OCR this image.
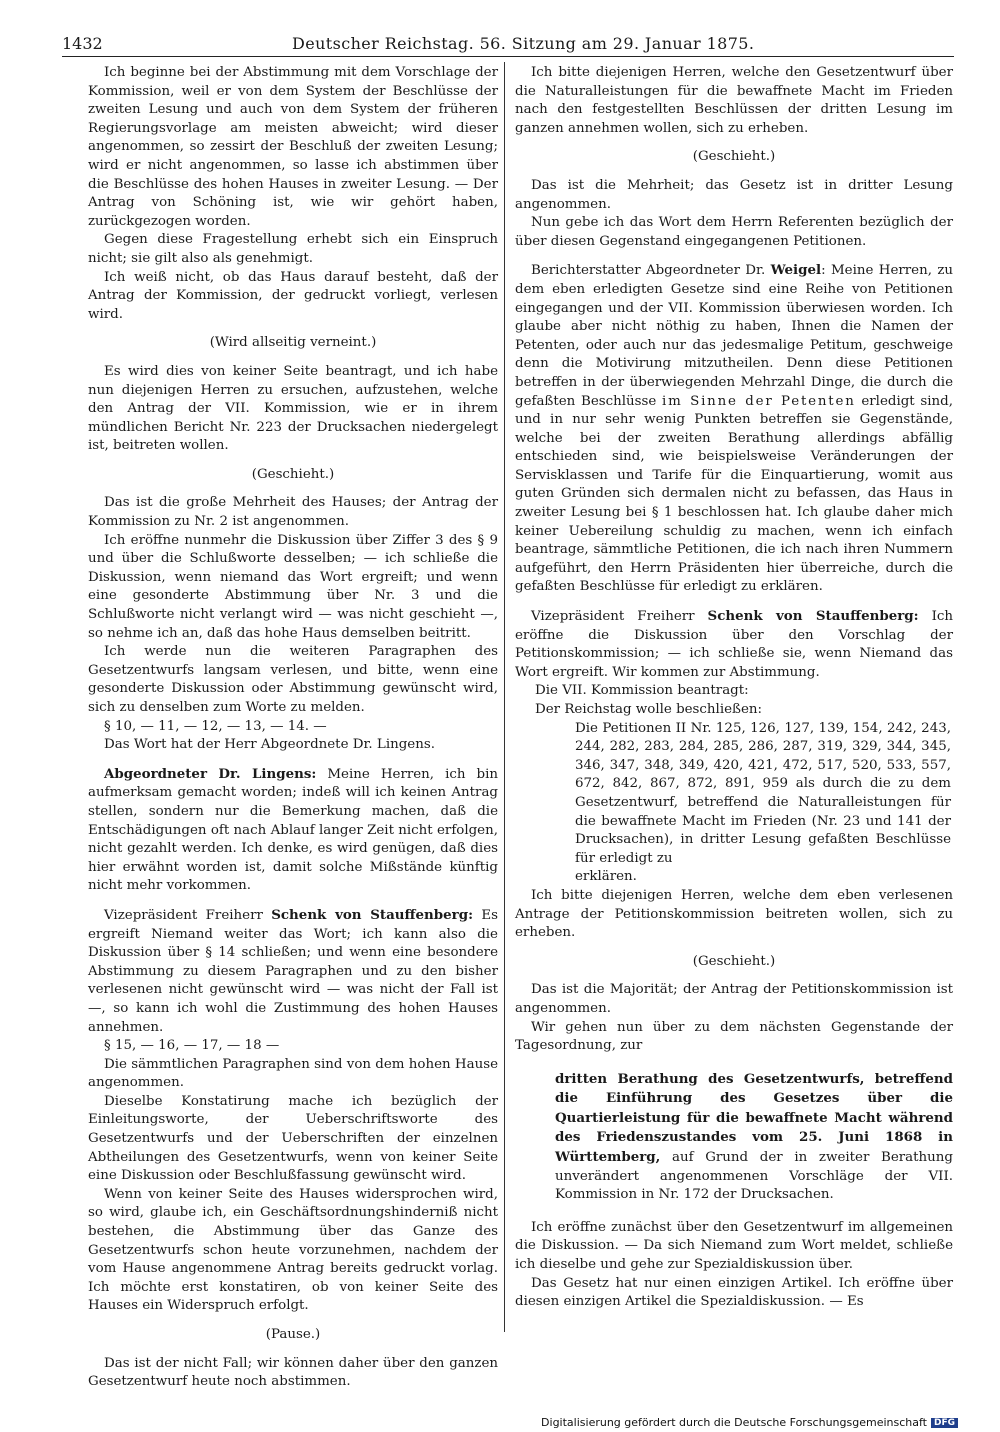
1432	Deutscher Reichstag. 56. Sitzung am 29. Januar 1875.

Ich beginne bei der Abstimmung mit dem Vorschlage der Kommission, weil er von dem System der Beschlüsse der zweiten Lesung und auch von dem System der früheren Regierungsvorlage am meisten abweicht; wird dieser angenommen, so zessirt der Beschluß der zweiten Lesung; wird er nicht angenommen, so lasse ich abstimmen über die Beschlüsse des hohen Hauses in zweiter Lesung. — Der Antrag von Schöning ist, wie wir gehört haben, zurückgezogen worden.

Gegen diese Fragestellung erhebt sich ein Einspruch nicht; sie gilt also als genehmigt.

Ich weiß nicht, ob das Haus darauf besteht, daß der Antrag der Kommission, der gedruckt vorliegt, verlesen wird.

(Wird allseitig verneint.)

Es wird dies von keiner Seite beantragt, und ich habe nun diejenigen Herren zu ersuchen, aufzustehen, welche den Antrag der VII. Kommission, wie er in ihrem mündlichen Bericht Nr. 223 der Drucksachen niedergelegt ist, beitreten wollen.

(Geschieht.)

Das ist die große Mehrheit des Hauses; der Antrag der Kommission zu Nr. 2 ist angenommen.

Ich eröffne nunmehr die Diskussion über Ziffer 3 des § 9 und über die Schlußworte desselben; — ich schließe die Diskussion, wenn niemand das Wort ergreift; und wenn eine gesonderte Abstimmung über Nr. 3 und die Schlußworte nicht verlangt wird — was nicht geschieht —, so nehme ich an, daß das hohe Haus demselben beitritt.

Ich werde nun die weiteren Paragraphen des Gesetzentwurfs langsam verlesen, und bitte, wenn eine gesonderte Diskussion oder Abstimmung gewünscht wird, sich zu denselben zum Worte zu melden.

§ 10, — 11, — 12, — 13, — 14. —

Das Wort hat der Herr Abgeordnete Dr. Lingens.

Abgeordneter Dr. Lingens: Meine Herren, ich bin aufmerksam gemacht worden; indeß will ich keinen Antrag stellen, sondern nur die Bemerkung machen, daß die Entschädigungen oft nach Ablauf langer Zeit nicht erfolgen, nicht gezahlt werden. Ich denke, es wird genügen, daß dies hier erwähnt worden ist, damit solche Mißstände künftig nicht mehr vorkommen.

Vizepräsident Freiherr Schenk von Stauffenberg: Es ergreift Niemand weiter das Wort; ich kann also die Diskussion über § 14 schließen; und wenn eine besondere Abstimmung zu diesem Paragraphen und zu den bisher verlesenen nicht gewünscht wird — was nicht der Fall ist —, so kann ich wohl die Zustimmung des hohen Hauses annehmen.

§ 15, — 16, — 17, — 18 —

Die sämmtlichen Paragraphen sind von dem hohen Hause angenommen.

Dieselbe Konstatirung mache ich bezüglich der Einleitungsworte, der Ueberschriftsworte des Gesetzentwurfs und der Ueberschriften der einzelnen Abtheilungen des Gesetzentwurfs, wenn von keiner Seite eine Diskussion oder Beschlußfassung gewünscht wird.

Wenn von keiner Seite des Hauses widersprochen wird, so wird, glaube ich, ein Geschäftsordnungshinderniß nicht bestehen, die Abstimmung über das Ganze des Gesetzentwurfs schon heute vorzunehmen, nachdem der vom Hause angenommene Antrag bereits gedruckt vorlag. Ich möchte erst konstatiren, ob von keiner Seite des Hauses ein Widerspruch erfolgt.

(Pause.)

Das ist der nicht Fall; wir können daher über den ganzen Gesetzentwurf heute noch abstimmen.

Ich bitte diejenigen Herren, welche den Gesetzentwurf über die Naturalleistungen für die bewaffnete Macht im Frieden nach den festgestellten Beschlüssen der dritten Lesung im ganzen annehmen wollen, sich zu erheben.

(Geschieht.)

Das ist die Mehrheit; das Gesetz ist in dritter Lesung angenommen.

Nun gebe ich das Wort dem Herrn Referenten bezüglich der über diesen Gegenstand eingegangenen Petitionen.

Berichterstatter Abgeordneter Dr. Weigel: Meine Herren, zu dem eben erledigten Gesetze sind eine Reihe von Petitionen eingegangen und der VII. Kommission überwiesen worden. Ich glaube aber nicht nöthig zu haben, Ihnen die Namen der Petenten, oder auch nur das jedesmalige Petitum, geschweige denn die Motivirung mitzutheilen. Denn diese Petitionen betreffen in der überwiegenden Mehrzahl Dinge, die durch die gefaßten Beschlüsse im Sinne der Petenten erledigt sind, und in nur sehr wenig Punkten betreffen sie Gegenstände, welche bei der zweiten Berathung allerdings abfällig entschieden sind, wie beispielsweise Veränderungen der Servisklassen und Tarife für die Einquartierung, womit aus guten Gründen sich dermalen nicht zu befassen, das Haus in zweiter Lesung bei § 1 beschlossen hat. Ich glaube daher mich keiner Uebereilung schuldig zu machen, wenn ich einfach beantrage, sämmtliche Petitionen, die ich nach ihren Nummern aufgeführt, den Herrn Präsidenten hier überreiche, durch die gefaßten Beschlüsse für erledigt zu erklären.

Vizepräsident Freiherr Schenk von Stauffenberg: Ich eröffne die Diskussion über den Vorschlag der Petitionskommission; — ich schließe sie, wenn Niemand das Wort ergreift. Wir kommen zur Abstimmung.

Die VII. Kommission beantragt:

Der Reichstag wolle beschließen:

Die Petitionen II Nr. 125, 126, 127, 139, 154, 242, 243, 244, 282, 283, 284, 285, 286, 287, 319, 329, 344, 345, 346, 347, 348, 349, 420, 421, 472, 517, 520, 533, 557, 672, 842, 867, 872, 891, 959 als durch die zu dem Gesetzentwurf, betreffend die Naturalleistungen für die bewaffnete Macht im Frieden (Nr. 23 und 141 der Drucksachen), in dritter Lesung gefaßten Beschlüsse für erledigt zu

erklären.

Ich bitte diejenigen Herren, welche dem eben verlesenen Antrage der Petitionskommission beitreten wollen, sich zu erheben.

(Geschieht.)

Das ist die Majorität; der Antrag der Petitionskommission ist angenommen.

Wir gehen nun über zu dem nächsten Gegenstande der Tagesordnung, zur

dritten Berathung des Gesetzentwurfs, betreffend die Einführung des Gesetzes über die Quartierleistung für die bewaffnete Macht während des Friedenszustandes vom 25. Juni 1868 in Württemberg, auf Grund der in zweiter Berathung unverändert angenommenen Vorschläge der VII. Kommission in Nr. 172 der Drucksachen.

Ich eröffne zunächst über den Gesetzentwurf im allgemeinen die Diskussion. — Da sich Niemand zum Wort meldet, schließe ich dieselbe und gehe zur Spezialdiskussion über.

Das Gesetz hat nur einen einzigen Artikel. Ich eröffne über diesen einzigen Artikel die Spezialdiskussion. — Es

Digitalisierung gefördert durch die Deutsche Forschungsgemeinschaft DFG
